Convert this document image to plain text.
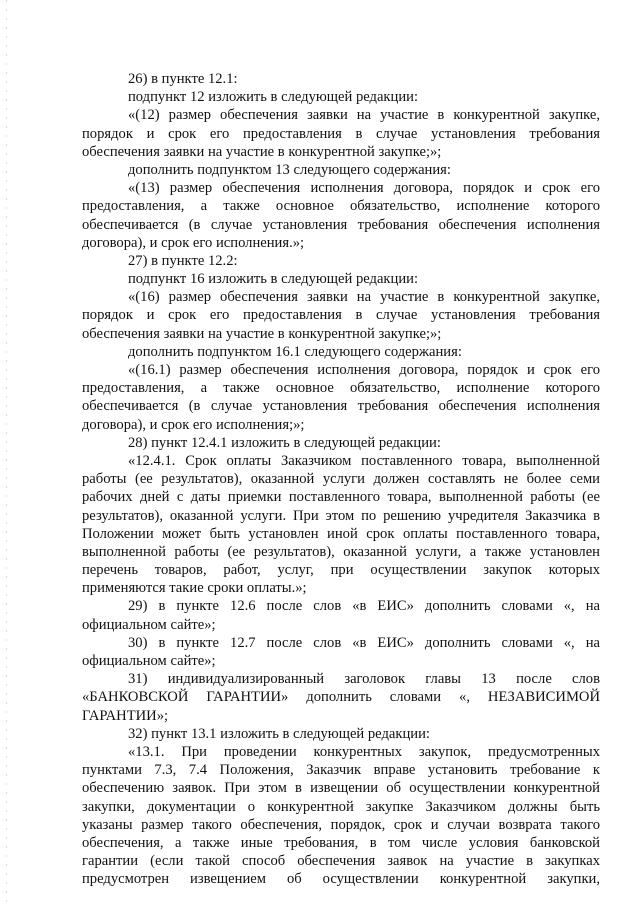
26) в пункте 12.1:
подпункт 12 изложить в следующей редакции:
«(12) размер обеспечения заявки на участие в конкурентной закупке,
порядок и срок его предоставления в случае установления требования
обеспечения заявки на участие в конкурентной закупке;»;
дополнить подпунктом 13 следующего содержания:
«(13) размер обеспечения исполнения договора, порядок и срок его
предоставления, а также основное обязательство, исполнение которого
обеспечивается (в случае установления требования обеспечения исполнения
договора), и срок его исполнения.»;
27) в пункте 12.2:
подпункт 16 изложить в следующей редакции:
«(16) размер обеспечения заявки на участие в конкурентной закупке,
порядок и срок его предоставления в случае установления требования
обеспечения заявки на участие в конкурентной закупке;»;
дополнить подпунктом 16.1 следующего содержания:
«(16.1) размер обеспечения исполнения договора, порядок и срок его
предоставления, а также основное обязательство, исполнение которого
обеспечивается (в случае установления требования обеспечения исполнения
договора), и срок его исполнения;»;
28) пункт 12.4.1 изложить в следующей редакции:
«12.4.1. Срок оплаты Заказчиком поставленного товара, выполненной
работы (ее результатов), оказанной услуги должен составлять не более семи
рабочих дней с даты приемки поставленного товара, выполненной работы (ее
результатов), оказанной услуги. При этом по решению учредителя Заказчика в
Положении может быть установлен иной срок оплаты поставленного товара,
выполненной работы (ее результатов), оказанной услуги, а также установлен
перечень товаров, работ, услуг, при осуществлении закупок которых
применяются такие сроки оплаты.»;
29) в пункте 12.6 после слов «в ЕИС» дополнить словами «, на
официальном сайте»;
30) в пункте 12.7 после слов «в ЕИС» дополнить словами «, на
официальном сайте»;
31) индивидуализированный заголовок главы 13 после слов
«БАНКОВСКОЙ ГАРАНТИИ» дополнить словами «, НЕЗАВИСИМОЙ
ГАРАНТИИ»;
32) пункт 13.1 изложить в следующей редакции:
«13.1. При проведении конкурентных закупок, предусмотренных
пунктами 7.3, 7.4 Положения, Заказчик вправе установить требование к
обеспечению заявок. При этом в извещении об осуществлении конкурентной
закупки, документации о конкурентной закупке Заказчиком должны быть
указаны размер такого обеспечения, порядок, срок и случаи возврата такого
обеспечения, а также иные требования, в том числе условия банковской
гарантии (если такой способ обеспечения заявок на участие в закупках
предусмотрен извещением об осуществлении конкурентной закупки,
